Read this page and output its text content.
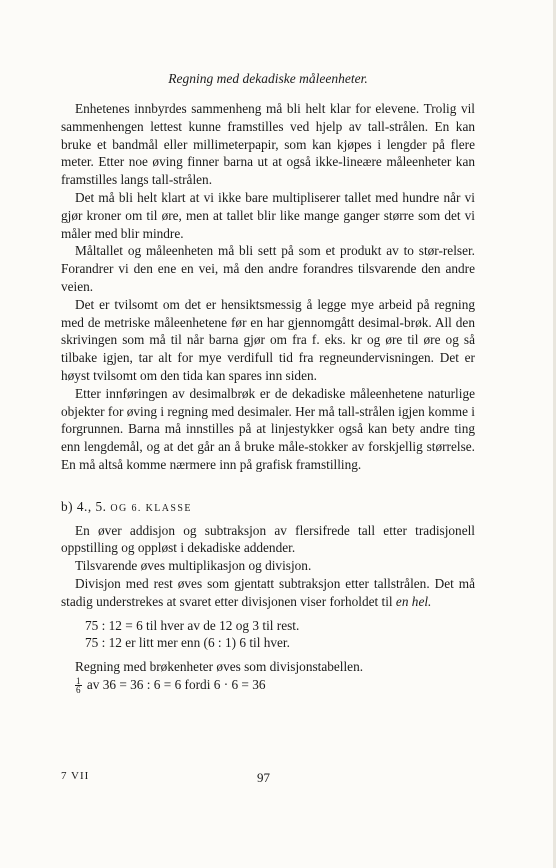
Regning med dekadiske måleenheter.

Enhetenes innbyrdes sammenheng må bli helt klar for elevene. Trolig vil sammenhengen lettest kunne framstilles ved hjelp av tall-strålen. En kan bruke et bandmål eller millimeterpapir, som kan kjøpes i lengder på flere meter. Etter noe øving finner barna ut at også ikke-lineære måleenheter kan framstilles langs tall-strålen.

Det må bli helt klart at vi ikke bare multipliserer tallet med hundre når vi gjør kroner om til øre, men at tallet blir like mange ganger større som det vi måler med blir mindre.

Måltallet og måleenheten må bli sett på som et produkt av to stør-relser. Forandrer vi den ene en vei, må den andre forandres tilsvarende den andre veien.

Det er tvilsomt om det er hensiktsmessig å legge mye arbeid på regning med de metriske måleenhetene før en har gjennomgått desimal-brøk. All den skrivingen som må til når barna gjør om fra f. eks. kr og øre til øre og så tilbake igjen, tar alt for mye verdifull tid fra regneundervisningen. Det er høyst tvilsomt om den tida kan spares inn siden.

Etter innføringen av desimalbrøk er de dekadiske måleenhetene naturlige objekter for øving i regning med desimaler. Her må tall-strålen igjen komme i forgrunnen. Barna må innstilles på at linjestykker også kan bety andre ting enn lengdemål, og at det går an å bruke måle-stokker av forskjellig størrelse. En må altså komme nærmere inn på grafisk framstilling.

b) 4., 5. OG 6. KLASSE

En øver addisjon og subtraksjon av flersifrede tall etter tradisjonell oppstilling og oppløst i dekadiske addender.

Tilsvarende øves multiplikasjon og divisjon.

Divisjon med rest øves som gjentatt subtraksjon etter tallstrålen. Det må stadig understrekes at svaret etter divisjonen viser forholdet til en hel.

75 : 12 = 6 til hver av de 12 og 3 til rest.

75 : 12 er litt mer enn (6 : 1) 6 til hver.

Regning med brøkenheter øves som divisjonstabellen.

$\frac{1}{6}$ av 36 = 36 : 6 = 6 fordi 6 · 6 = 36

7 VII	97
